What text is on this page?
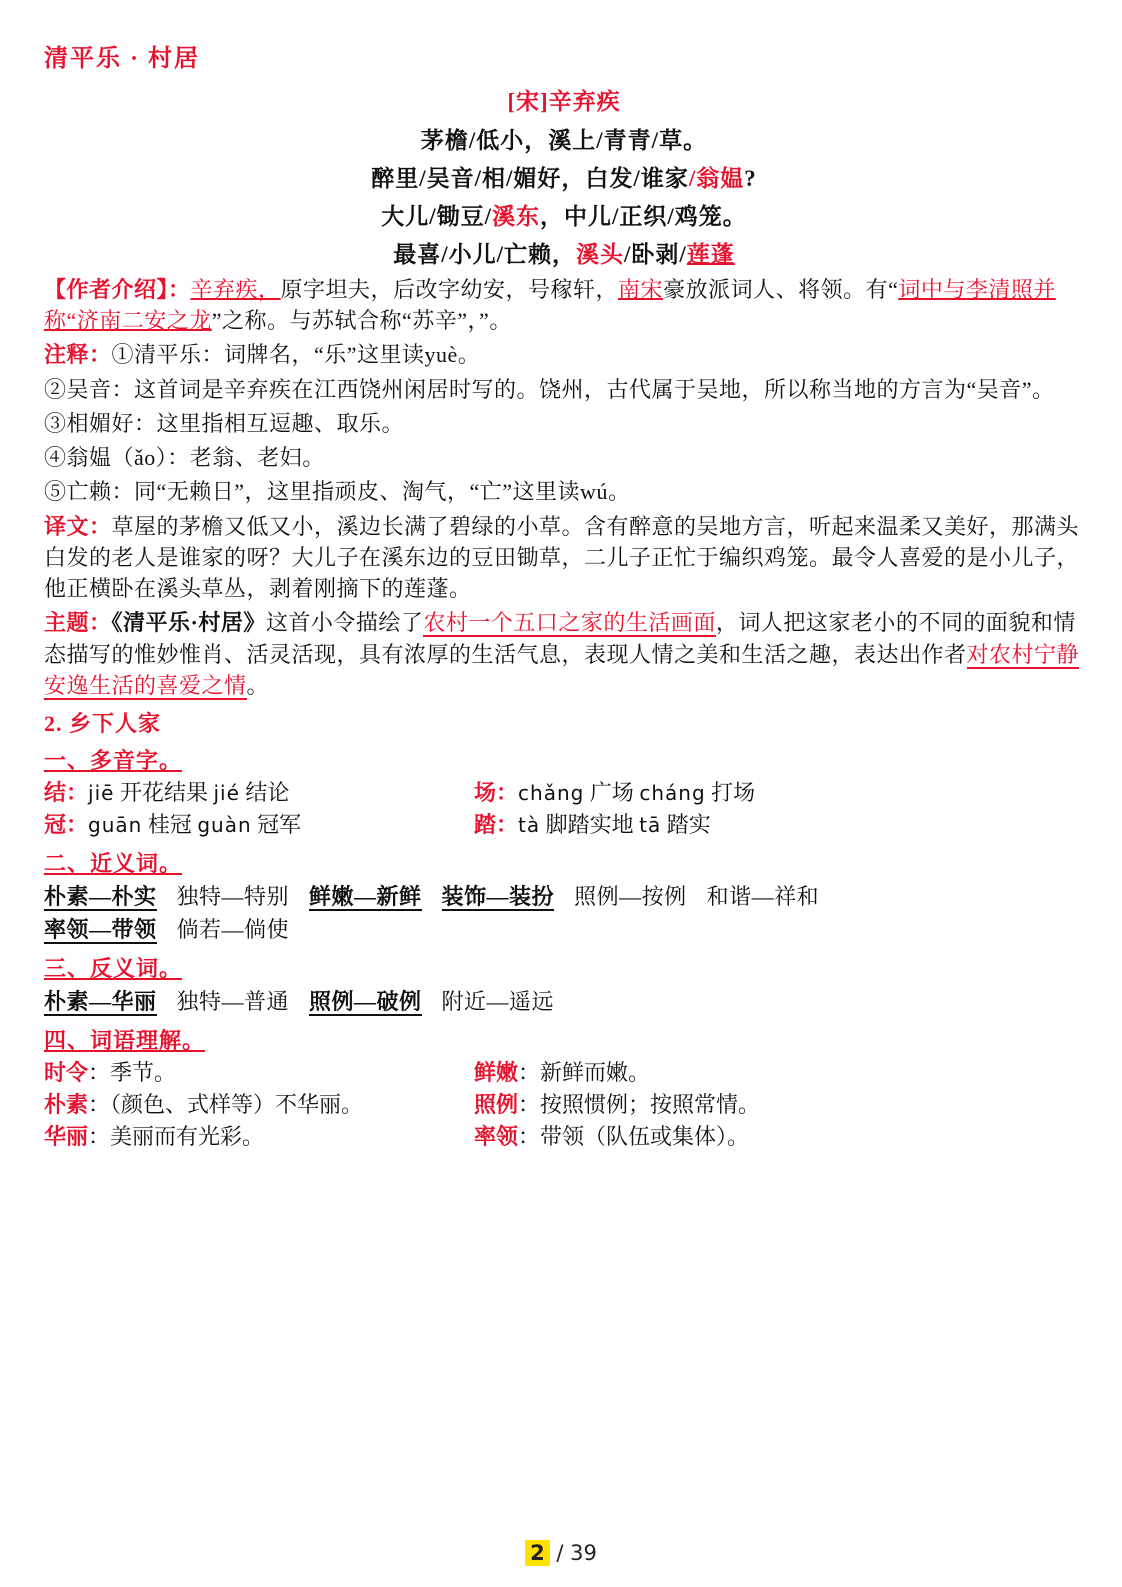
清平乐 · 村居
[宋]辛弃疾
茅檐/低小，溪上/青青/草。
醉里/吴音/相/媚好，白发/谁家/翁媪?
大儿/锄豆/溪东，中儿/正织/鸡笼。
最喜/小儿/亡赖，溪头/卧剥/莲蓬
【作者介绍】：辛弃疾，原字坦夫，后改字幼安，号稼轩，南宋豪放派词人、将领。有“词中与李清照并称“济南二安之龙”之称。与苏轼合称“苏辛”，”。
注释：①清平乐：词牌名，“乐”这里读yuè。
②吴音：这首词是辛弃疾在江西饶州闲居时写的。饶州，古代属于吴地，所以称当地的方言为“吴音”。
③相媚好：这里指相互逗趣、取乐。
④翁媪（ǎo）：老翁、老妇。
⑤亡赖：同“无赖日”，这里指顽皮、淘气，“亡”这里读wú。
译文：草屋的茅檐又低又小，溪边长满了碧绿的小草。含有醉意的吴地方言，听起来温柔又美好，那满头白发的老人是谁家的呀？大儿子在溪东边的豆田锄草，二儿子正忙于编织鸡笼。最令人喜爱的是小儿子，他正横卧在溪头草丛，剥着刚摘下的莲蓬。
主题：《清平乐·村居》这首小令描绘了农村一个五口之家的生活画面，词人把这家老小的不同的面貌和情态描写的惟妙惟肖、活灵活现，具有浓厚的生活气息，表现人情之美和生活之趣，表达出作者对农村宁静安逸生活的喜爱之情。
2. 乡下人家
一、多音字。
结：jiē 开花结果 jié 结论	场：chǎng 广场 cháng 打场
冠：guān 桂冠 guàn 冠军	踏：tà 脚踏实地 tā 踏实
二、近义词。
朴素—朴实 独特—特别 鲜嫩—新鲜 装饰—装扮 照例—按例 和谐—祥和
率领—带领 倘若—倘使
三、反义词。
朴素—华丽 独特—普通 照例—破例 附近—遥远
四、词语理解。
时令：季节。	鲜嫩：新鲜而嫩。
朴素：（颜色、式样等）不华丽。	照例：按照惯例；按照常情。
华丽：美丽而有光彩。	率领：带领（队伍或集体）。
2 / 39
